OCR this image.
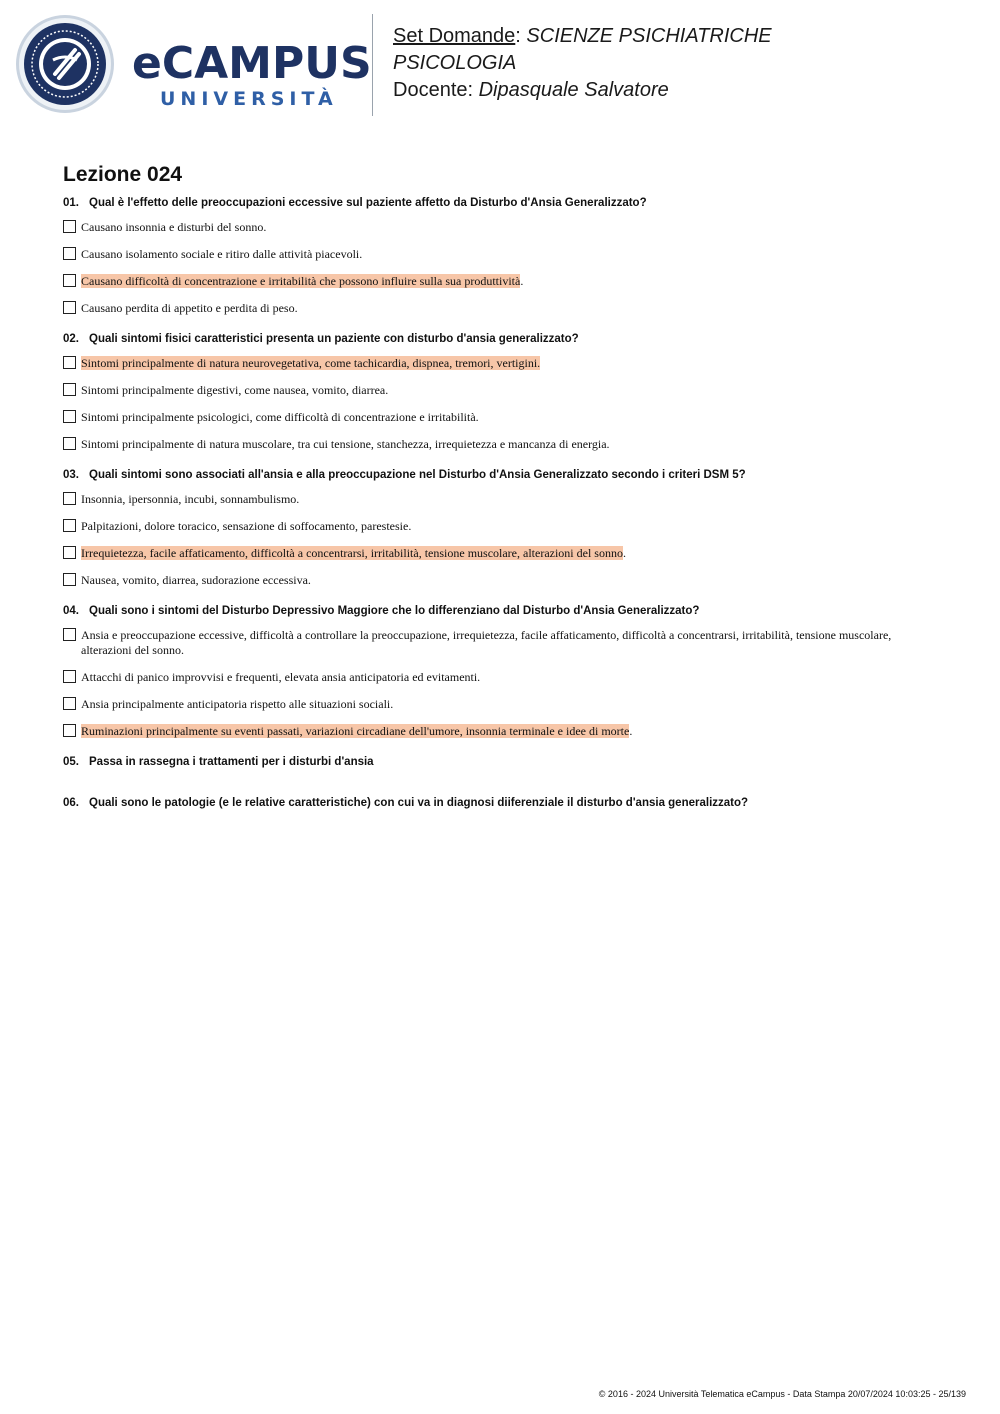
eCAMPUS
UNIVERSITÀ
Set Domande: SCIENZE PSICHIATRICHE
PSICOLOGIA
Docente: Dipasquale Salvatore
Lezione 024
01. Qual è l'effetto delle preoccupazioni eccessive sul paziente affetto da Disturbo d'Ansia Generalizzato?
Causano insonnia e disturbi del sonno.
Causano isolamento sociale e ritiro dalle attività piacevoli.
Causano difficoltà di concentrazione e irritabilità che possono influire sulla sua produttività.
Causano perdita di appetito e perdita di peso.
02. Quali sintomi fisici caratteristici presenta un paziente con disturbo d'ansia generalizzato?
Sintomi principalmente di natura neurovegetativa, come tachicardia, dispnea, tremori, vertigini.
Sintomi principalmente digestivi, come nausea, vomito, diarrea.
Sintomi principalmente psicologici, come difficoltà di concentrazione e irritabilità.
Sintomi principalmente di natura muscolare, tra cui tensione, stanchezza, irrequietezza e mancanza di energia.
03. Quali sintomi sono associati all'ansia e alla preoccupazione nel Disturbo d'Ansia Generalizzato secondo i criteri DSM 5?
Insonnia, ipersonnia, incubi, sonnambulismo.
Palpitazioni, dolore toracico, sensazione di soffocamento, parestesie.
Irrequietezza, facile affaticamento, difficoltà a concentrarsi, irritabilità, tensione muscolare, alterazioni del sonno.
Nausea, vomito, diarrea, sudorazione eccessiva.
04. Quali sono i sintomi del Disturbo Depressivo Maggiore che lo differenziano dal Disturbo d'Ansia Generalizzato?
Ansia e preoccupazione eccessive, difficoltà a controllare la preoccupazione, irrequietezza, facile affaticamento, difficoltà a concentrarsi, irritabilità, tensione muscolare, alterazioni del sonno.
Attacchi di panico improvvisi e frequenti, elevata ansia anticipatoria ed evitamenti.
Ansia principalmente anticipatoria rispetto alle situazioni sociali.
Ruminazioni principalmente su eventi passati, variazioni circadiane dell'umore, insonnia terminale e idee di morte.
05. Passa in rassegna i trattamenti per i disturbi d'ansia
06. Quali sono le patologie (e le relative caratteristiche) con cui va in diagnosi diiferenziale il disturbo d'ansia generalizzato?
© 2016 - 2024 Università Telematica eCampus - Data Stampa 20/07/2024 10:03:25 - 25/139
